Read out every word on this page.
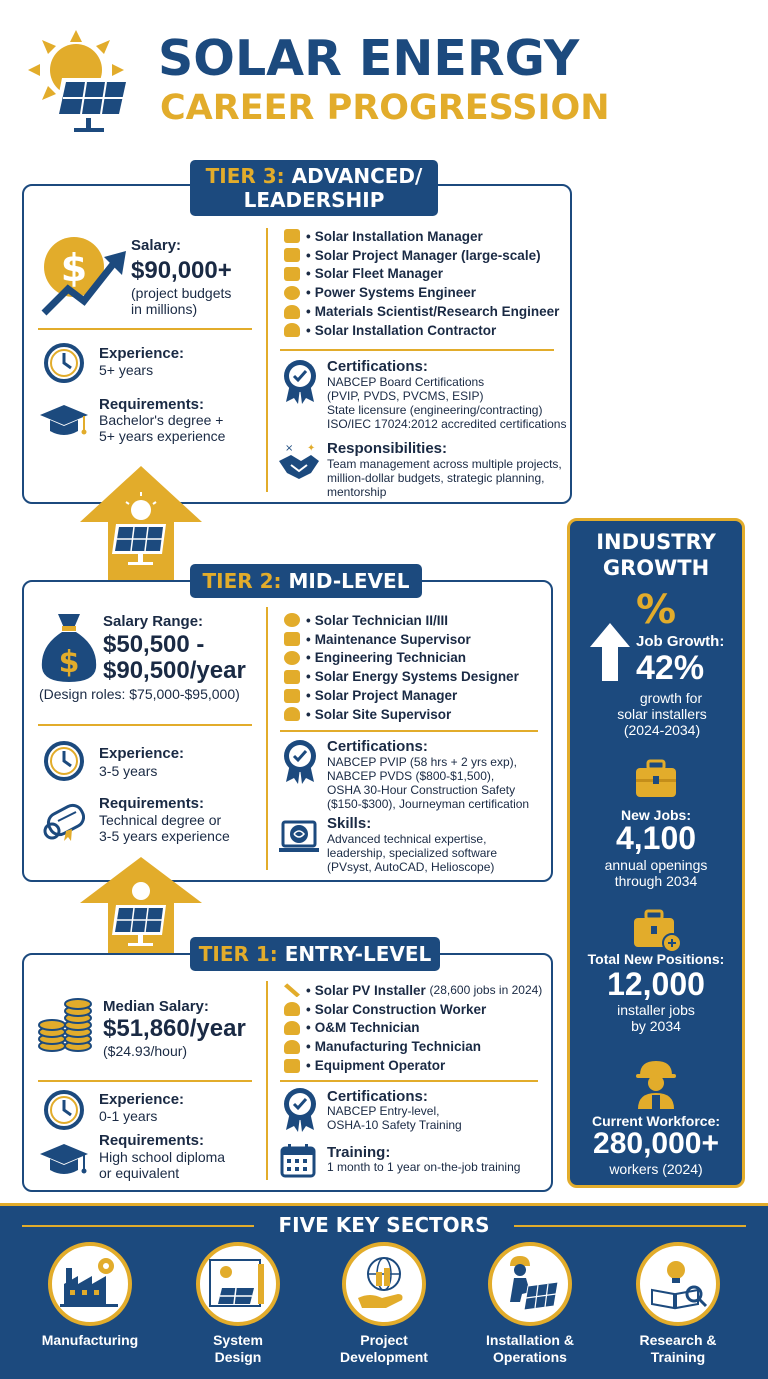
SOLAR ENERGY
CAREER PROGRESSION
TIER 3: ADVANCED/
LEADERSHIP
$
Salary:
$90,000+
(project budgets
in millions)
Experience:
5+ years
Requirements:
Bachelor's degree +
5+ years experience
• Solar Installation Manager
• Solar Project Manager (large-scale)
• Solar Fleet Manager
• Power Systems Engineer
• Materials Scientist/Research Engineer
• Solar Installation Contractor
Certifications:
NABCEP Board Certifications
(PVIP, PVDS, PVCMS, ESIP)
State licensure (engineering/contracting)
ISO/IEC 17024:2012 accredited certifications
× ✦ Responsibilities:
Team management across multiple projects,
million-dollar budgets, strategic planning,
mentorship
TIER 2: MID-LEVEL
$
Salary Range:
$50,500 -
$90,500/year
(Design roles: $75,000-$95,000)
Experience:
3-5 years
Requirements:
Technical degree or
3-5 years experience
• Solar Technician II/III
• Maintenance Supervisor
• Engineering Technician
• Solar Energy Systems Designer
• Solar Project Manager
• Solar Site Supervisor
Certifications:
NABCEP PVIP (58 hrs + 2 yrs exp),
NABCEP PVDS ($800-$1,500),
OSHA 30-Hour Construction Safety
($150-$300), Journeyman certification
Skills:
Advanced technical expertise,
leadership, specialized software
(PVsyst, AutoCAD, Helioscope)
TIER 1: ENTRY-LEVEL
Median Salary:
$51,860/year
($24.93/hour)
Experience:
0-1 years
Requirements:
High school diploma
or equivalent
• Solar PV Installer
(28,600 jobs in 2024)
• Solar Construction Worker
• O&M Technician
• Manufacturing Technician
• Equipment Operator
Certifications:
NABCEP Entry-level,
OSHA-10 Safety Training
Training:
1 month to 1 year on-the-job training
INDUSTRY
GROWTH
%
Job Growth:
42%
growth for
solar installers
(2024-2034)
New Jobs:
4,100
annual openings
through 2034
Total New Positions:
12,000
installer jobs
by 2034
Current Workforce:
280,000+
workers (2024)
FIVE KEY SECTORS
Manufacturing	System
Design
Project
Development
Installation &
Operations
Research &
Training
